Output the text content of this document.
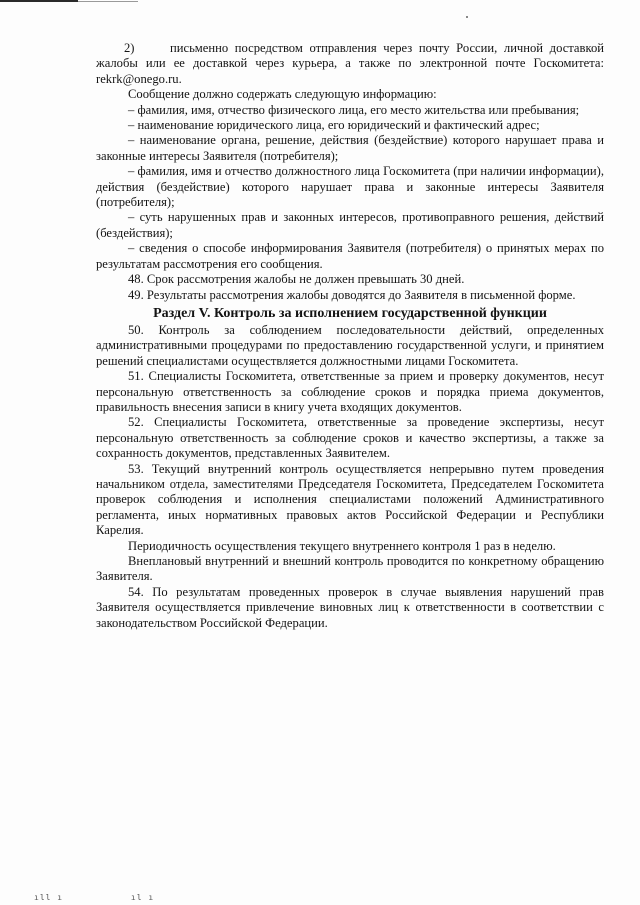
2)	письменно посредством отправления через почту России, личной доставкой жалобы или ее доставкой через курьера, а также по электронной почте Госкомитета: rekrk@onego.ru.

Сообщение должно содержать следующую информацию:

– фамилия, имя, отчество физического лица, его место жительства или пребывания;

– наименование юридического лица, его юридический и фактический адрес;

– наименование органа, решение, действия (бездействие) которого нарушает права и законные интересы Заявителя (потребителя);

– фамилия, имя и отчество должностного лица Госкомитета (при наличии информации), действия (бездействие) которого нарушает права и законные интересы Заявителя (потребителя);

– суть нарушенных прав и законных интересов, противоправного решения, действий (бездействия);

– сведения о способе информирования Заявителя (потребителя) о принятых мерах по результатам рассмотрения его сообщения.

48. Срок рассмотрения жалобы не должен превышать 30 дней.

49. Результаты рассмотрения жалобы доводятся до Заявителя в письменной форме.

Раздел V. Контроль за исполнением государственной функции

50. Контроль за соблюдением последовательности действий, определенных административными процедурами по предоставлению государственной услуги, и принятием решений специалистами осуществляется должностными лицами Госкомитета.

51. Специалисты Госкомитета, ответственные за прием и проверку документов, несут персональную ответственность за соблюдение сроков и порядка приема документов, правильность внесения записи в книгу учета входящих документов.

52. Специалисты Госкомитета, ответственные за проведение экспертизы, несут персональную ответственность за соблюдение сроков и качество экспертизы, а также за сохранность документов, представленных Заявителем.

53. Текущий внутренний контроль осуществляется непрерывно путем проведения начальником отдела, заместителями Председателя Госкомитета, Председателем Госкомитета проверок соблюдения и исполнения специалистами положений Административного регламента, иных нормативных правовых актов Российской Федерации и Республики Карелия.

Периодичность осуществления текущего внутреннего контроля 1 раз в неделю.

Внеплановый внутренний и внешний контроль проводится по конкретному обращению Заявителя.

54. По результатам проведенных проверок в случае выявления нарушений прав Заявителя осуществляется привлечение виновных лиц к ответственности в соответствии с законодательством Российской Федерации.

ıll ı	ıl ı
